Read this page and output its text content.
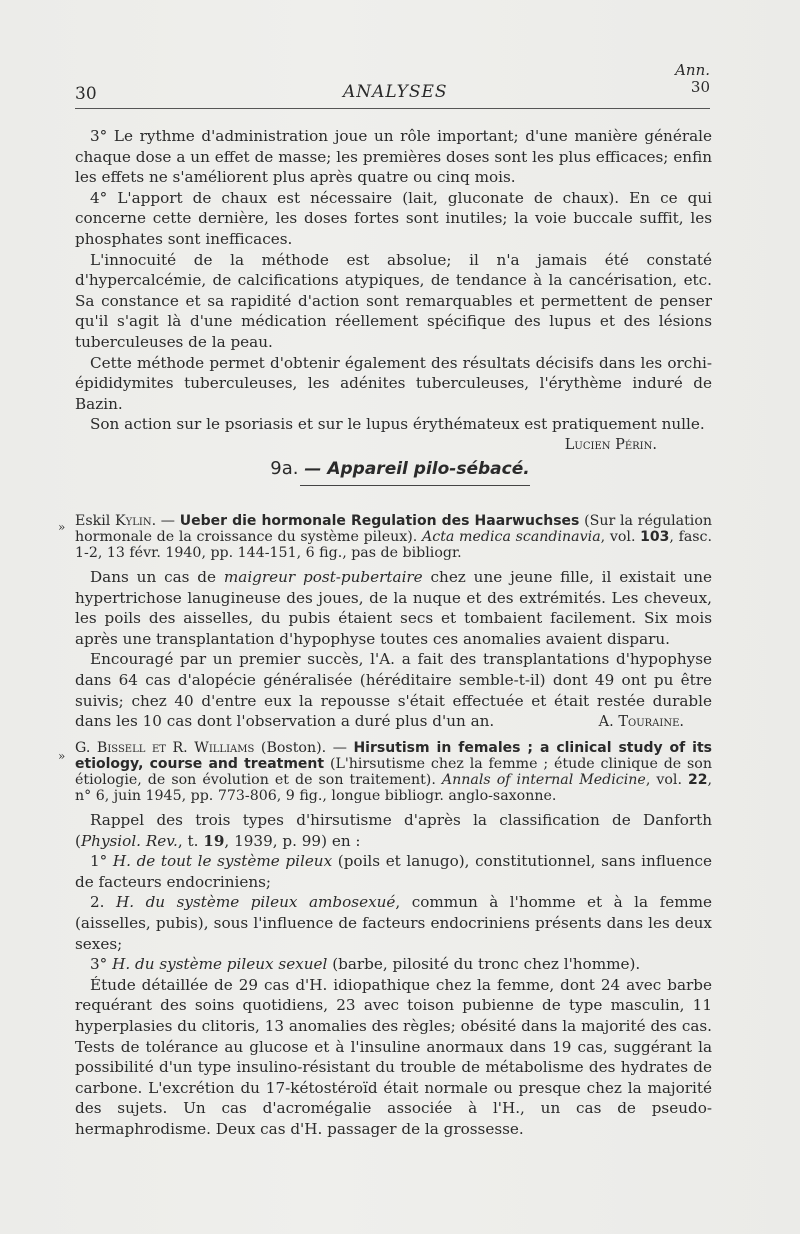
30	ANALYSES
Ann.
30

3° Le rythme d'administration joue un rôle important; d'une manière générale chaque dose a un effet de masse; les premières doses sont les plus efficaces; enfin les effets ne s'améliorent plus après quatre ou cinq mois.

4° L'apport de chaux est nécessaire (lait, gluconate de chaux). En ce qui concerne cette dernière, les doses fortes sont inutiles; la voie buccale suffit, les phosphates sont inefficaces.

L'innocuité de la méthode est absolue; il n'a jamais été constaté d'hypercalcémie, de calcifications atypiques, de tendance à la cancérisation, etc. Sa constance et sa rapidité d'action sont remarquables et permettent de penser qu'il s'agit là d'une médication réellement spécifique des lupus et des lésions tuberculeuses de la peau.

Cette méthode permet d'obtenir également des résultats décisifs dans les orchi-épididymites tuberculeuses, les adénites tuberculeuses, l'érythème induré de Bazin.

Son action sur le psoriasis et sur le lupus érythémateux est pratiquement nulle.

Lucien Périn.

9a. — Appareil pilo-sébacé.
» Eskil Kylin. — Ueber die hormonale Regulation des Haarwuchses (Sur la régulation hormonale de la croissance du système pileux). Acta medica scandinavia, vol. 103, fasc. 1-2, 13 févr. 1940, pp. 144-151, 6 fig., pas de bibliogr.

Dans un cas de maigreur post-pubertaire chez une jeune fille, il existait une hypertrichose lanugineuse des joues, de la nuque et des extrémités. Les cheveux, les poils des aisselles, du pubis étaient secs et tombaient facilement. Six mois après une transplantation d'hypophyse toutes ces anomalies avaient disparu.

Encouragé par un premier succès, l'A. a fait des transplantations d'hypophyse dans 64 cas d'alopécie généralisée (héréditaire semble-t-il) dont 49 ont pu être suivis; chez 40 d'entre eux la repousse s'était effectuée et était restée durable dans les 10 cas dont l'observation a duré plus d'un an.	A. Touraine.

» G. Bissell et R. Williams (Boston). — Hirsutism in females ; a clinical study of its etiology, course and treatment (L'hirsutisme chez la femme ; étude clinique de son étiologie, de son évolution et de son traitement). Annals of internal Medicine, vol. 22, n° 6, juin 1945, pp. 773-806, 9 fig., longue bibliogr. anglo-saxonne.

Rappel des trois types d'hirsutisme d'après la classification de Danforth (Physiol. Rev., t. 19, 1939, p. 99) en :

1° H. de tout le système pileux (poils et lanugo), constitutionnel, sans influence de facteurs endocriniens;

2. H. du système pileux ambosexué, commun à l'homme et à la femme (aisselles, pubis), sous l'influence de facteurs endocriniens présents dans les deux sexes;

3° H. du système pileux sexuel (barbe, pilosité du tronc chez l'homme).

Étude détaillée de 29 cas d'H. idiopathique chez la femme, dont 24 avec barbe requérant des soins quotidiens, 23 avec toison pubienne de type masculin, 11 hyperplasies du clitoris, 13 anomalies des règles; obésité dans la majorité des cas. Tests de tolérance au glucose et à l'insuline anormaux dans 19 cas, suggérant la possibilité d'un type insulino-résistant du trouble de métabolisme des hydrates de carbone. L'excrétion du 17-kétostéroïd était normale ou presque chez la majorité des sujets. Un cas d'acromégalie associée à l'H., un cas de pseudo-hermaphrodisme. Deux cas d'H. passager de la grossesse.
